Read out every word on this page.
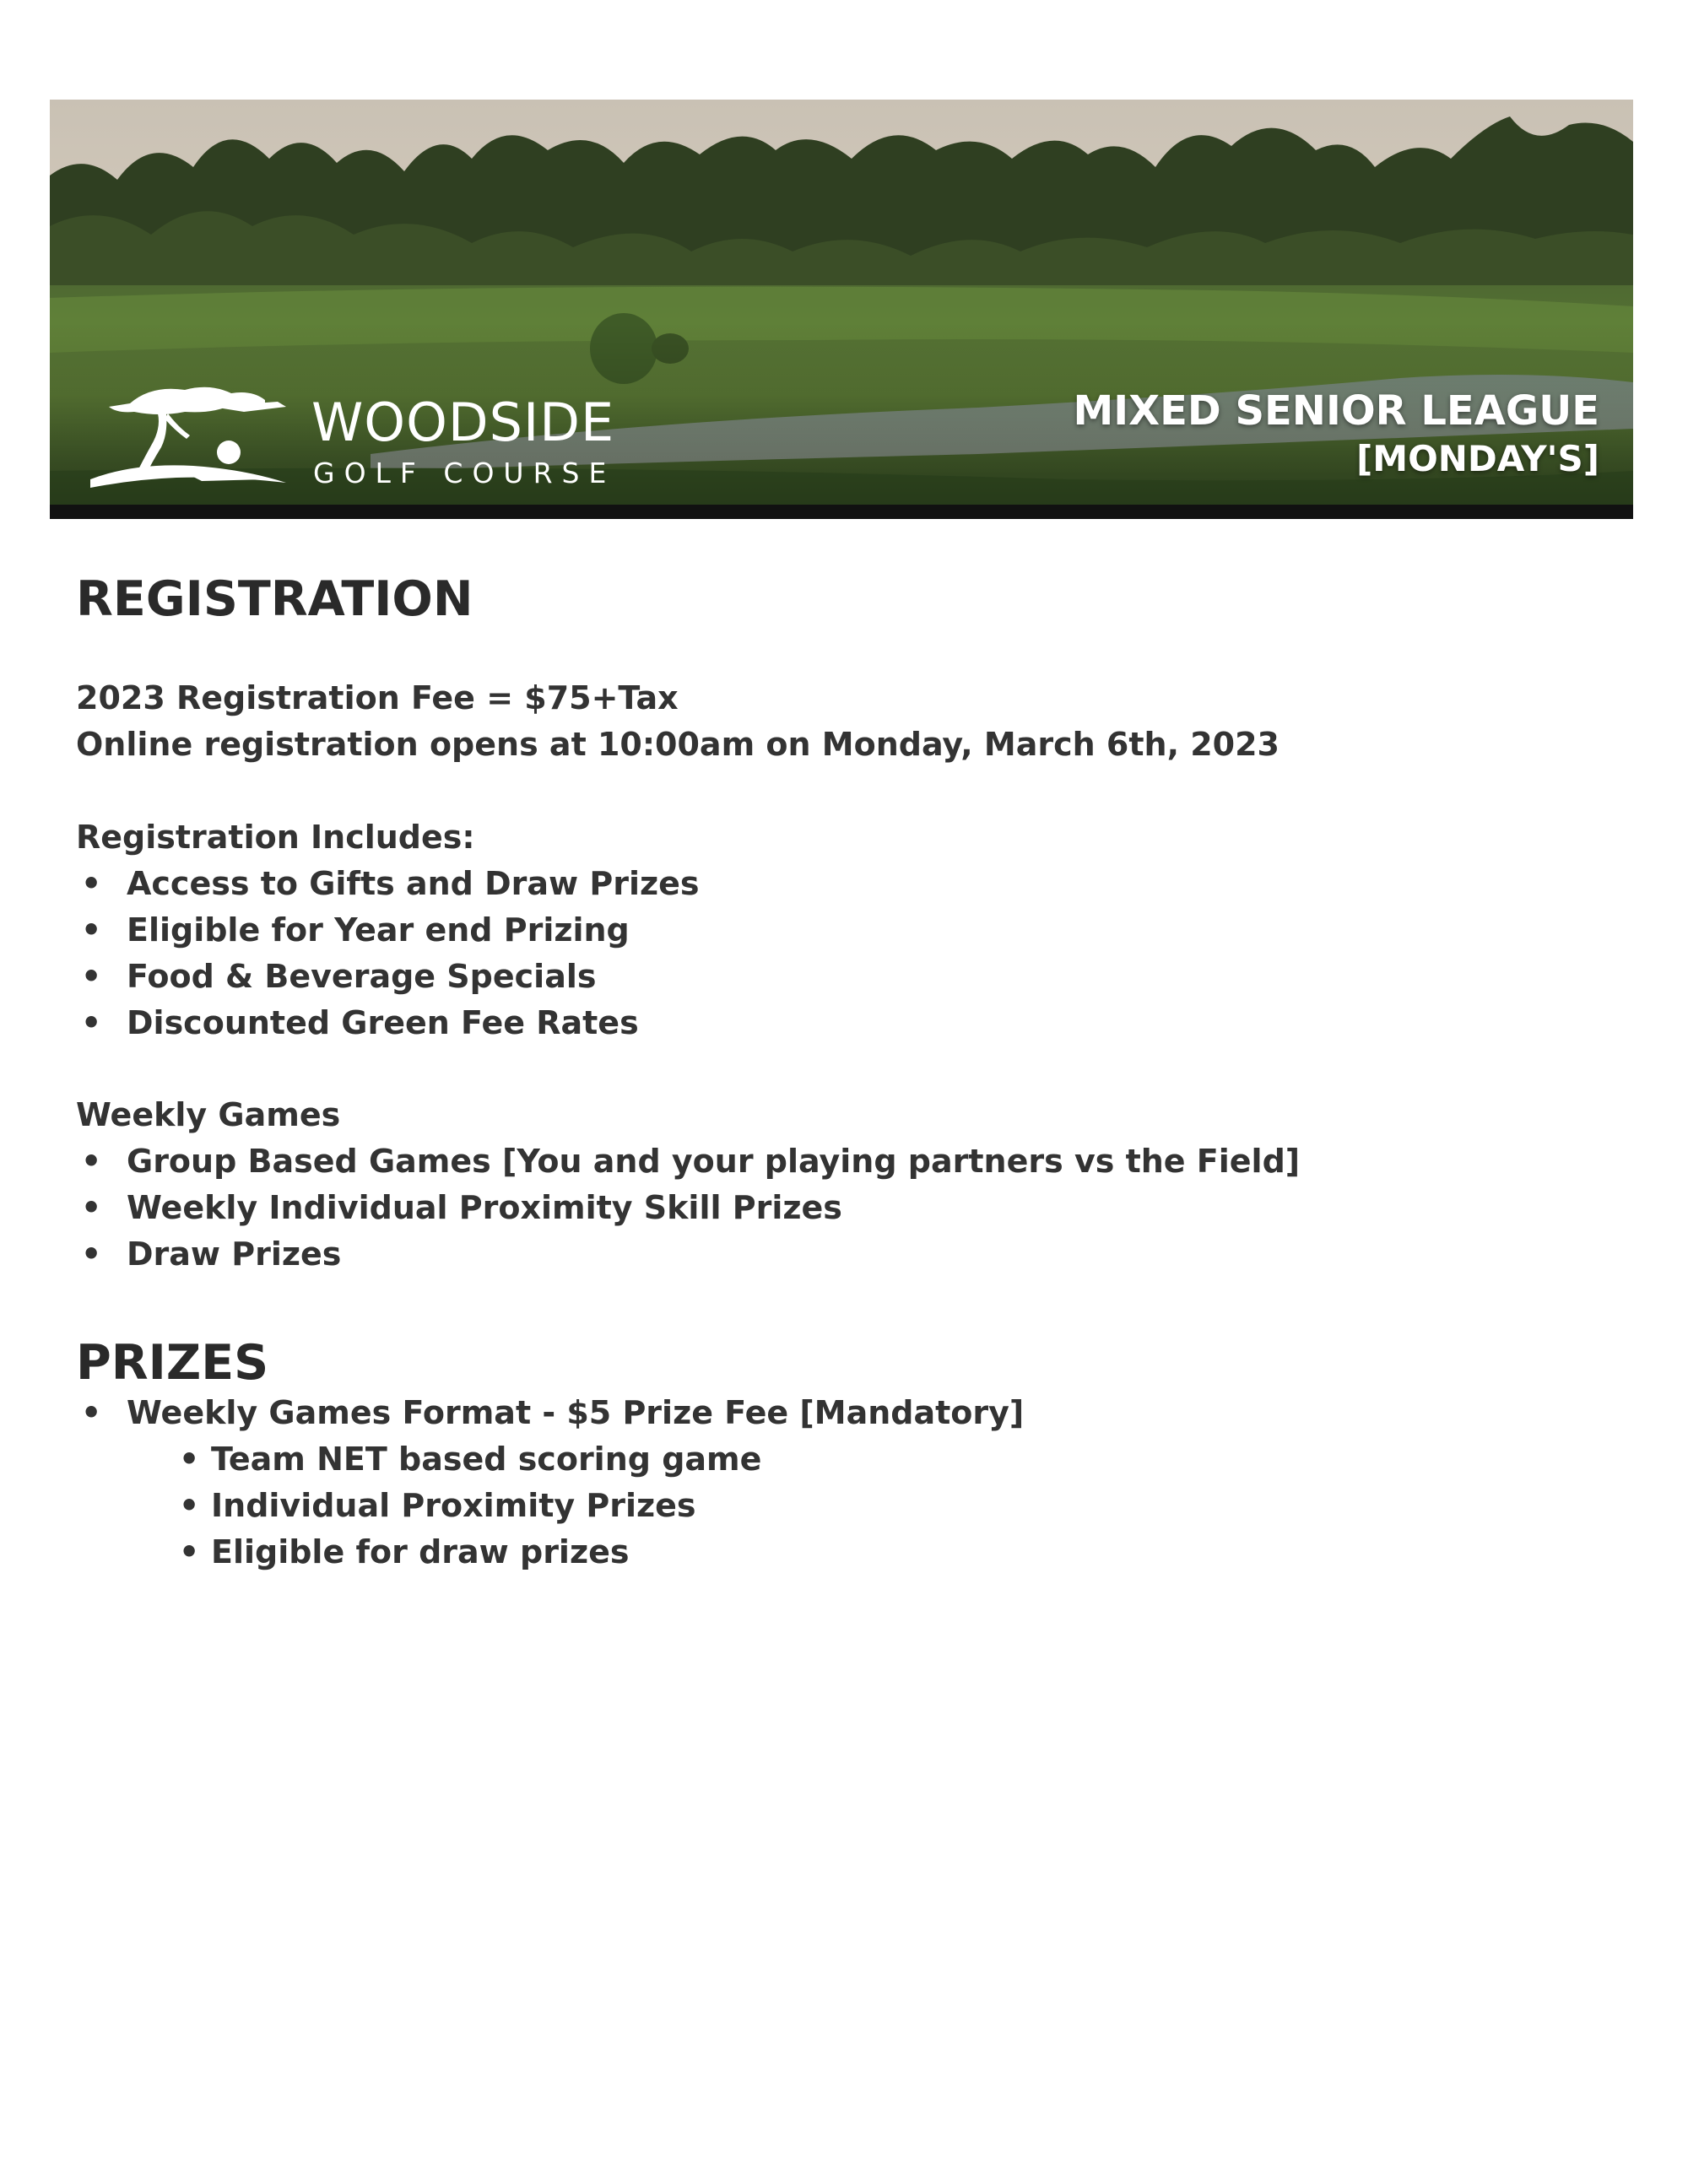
WOODSIDE
GOLF COURSE
MIXED SENIOR LEAGUE
[MONDAY'S]
REGISTRATION

2023 Registration Fee = $75+Tax

Online registration opens at 10:00am on Monday, March 6th, 2023

Registration Includes:

• Access to Gifts and Draw Prizes
• Eligible for Year end Prizing
• Food & Beverage Specials
• Discounted Green Fee Rates

Weekly Games

• Group Based Games [You and your playing partners vs the Field]
• Weekly Individual Proximity Skill Prizes
• Draw Prizes
PRIZES
• Weekly Games Format - $5 Prize Fee [Mandatory]
• Team NET based scoring game
• Individual Proximity Prizes
• Eligible for draw prizes
